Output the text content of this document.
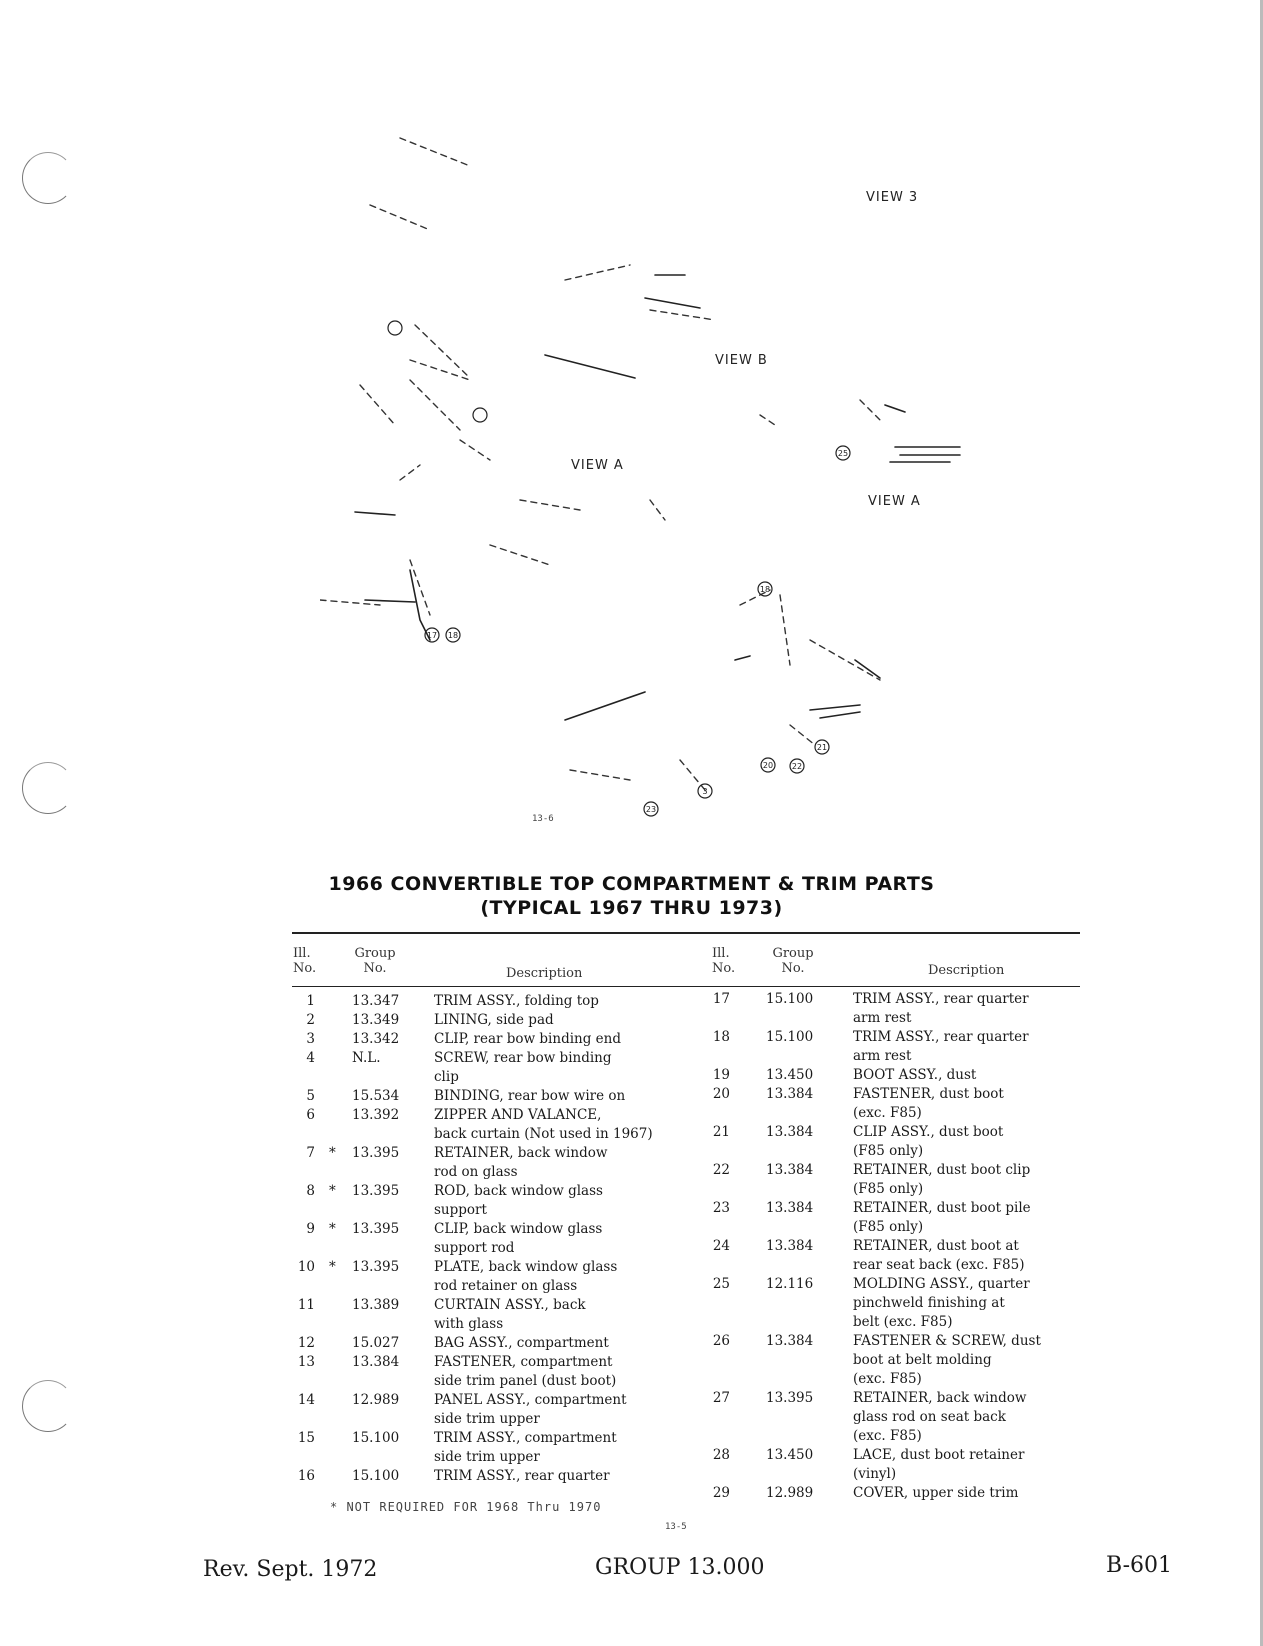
17 18
18
20 22
21
23
3
25
VIEW 3
VIEW B
VIEW A
VIEW A
13-6
1966 CONVERTIBLE TOP COMPARTMENT & TRIM PARTS
(TYPICAL 1967 THRU 1973)
Ill.
No.
Group
No.	Description
Ill.
No.
Group
No.	Description
1	13.347	TRIM ASSY., folding top
2	13.349	LINING, side pad
3	13.342	CLIP, rear bow binding end
4	N.L.	SCREW, rear bow binding
clip
5	15.534	BINDING, rear bow wire on
6	13.392	ZIPPER AND VALANCE,
back curtain (Not used in 1967)
7 * 13.395	RETAINER, back window
rod on glass
8 * 13.395	ROD, back window glass
support
9 * 13.395	CLIP, back window glass
support rod
10 * 13.395	PLATE, back window glass
rod retainer on glass
11	13.389	CURTAIN ASSY., back
with glass
12	15.027	BAG ASSY., compartment
13	13.384	FASTENER, compartment
side trim panel (dust boot)
14	12.989	PANEL ASSY., compartment
side trim upper
15	15.100	TRIM ASSY., compartment
side trim upper
16	15.100	TRIM ASSY., rear quarter
17	15.100	TRIM ASSY., rear quarter
arm rest
18	15.100	TRIM ASSY., rear quarter
arm rest
19	13.450	BOOT ASSY., dust
20	13.384	FASTENER, dust boot
(exc. F85)
21	13.384	CLIP ASSY., dust boot
(F85 only)
22	13.384	RETAINER, dust boot clip
(F85 only)
23	13.384	RETAINER, dust boot pile
(F85 only)
24	13.384	RETAINER, dust boot at
rear seat back (exc. F85)
25	12.116	MOLDING ASSY., quarter
pinchweld finishing at
belt (exc. F85)
26	13.384	FASTENER & SCREW, dust
boot at belt molding
(exc. F85)
27	13.395	RETAINER, back window
glass rod on seat back
(exc. F85)
28	13.450	LACE, dust boot retainer
(vinyl)
29	12.989	COVER, upper side trim
* NOT REQUIRED FOR 1968 Thru 1970
13-5
Rev. Sept. 1972	GROUP 13.000	B-601
